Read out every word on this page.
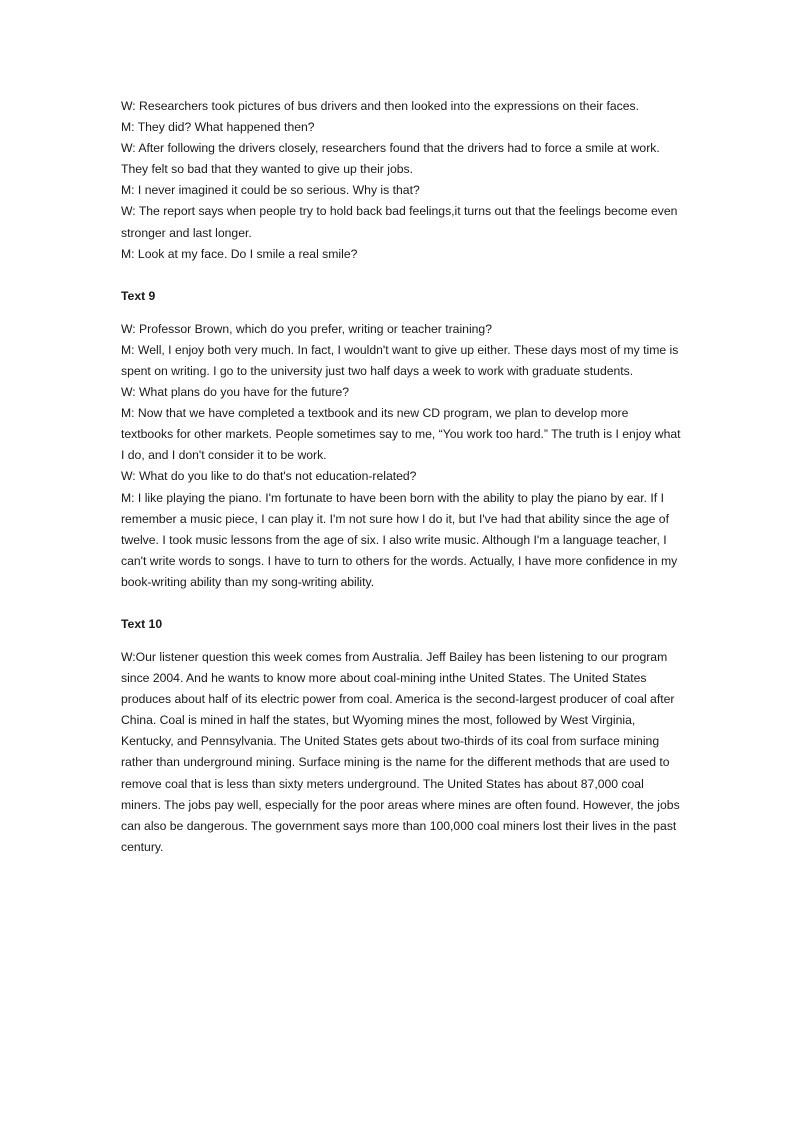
W: Researchers took pictures of bus drivers and then looked into the expressions on their faces.

M: They did? What happened then?

W: After following the drivers closely, researchers found that the drivers had to force a smile at work.

They felt so bad that they wanted to give up their jobs.

M: I never imagined it could be so serious. Why is that?

W: The report says when people try to hold back bad feelings,it turns out that the feelings become even

stronger and last longer.

M: Look at my face. Do I smile a real smile?

Text 9

W: Professor Brown, which do you prefer, writing or teacher training?

M: Well, I enjoy both very much. In fact, I wouldn't want to give up either. These days most of my time is

spent on writing. I go to the university just two half days a week to work with graduate students.

W: What plans do you have for the future?

M: Now that we have completed a textbook and its new CD program, we plan to develop more

textbooks for other markets. People sometimes say to me, “You work too hard.” The truth is I enjoy what

I do, and I don't consider it to be work.

W: What do you like to do that's not education-related?

M: I like playing the piano. I'm fortunate to have been born with the ability to play the piano by ear. If I

remember a music piece, I can play it. I'm not sure how I do it, but I've had that ability since the age of

twelve. I took music lessons from the age of six. I also write music. Although I'm a language teacher, I

can't write words to songs. I have to turn to others for the words. Actually, I have more confidence in my

book-writing ability than my song-writing ability.

Text 10

W:Our listener question this week comes from Australia. Jeff Bailey has been listening to our program

since 2004. And he wants to know more about coal-mining inthe United States. The United States

produces about half of its electric power from coal. America is the second-largest producer of coal after

China. Coal is mined in half the states, but Wyoming mines the most, followed by West Virginia,

Kentucky, and Pennsylvania. The United States gets about two-thirds of its coal from surface mining

rather than underground mining. Surface mining is the name for the different methods that are used to

remove coal that is less than sixty meters underground. The United States has about 87,000 coal

miners. The jobs pay well, especially for the poor areas where mines are often found. However, the jobs

can also be dangerous. The government says more than 100,000 coal miners lost their lives in the past

century.
